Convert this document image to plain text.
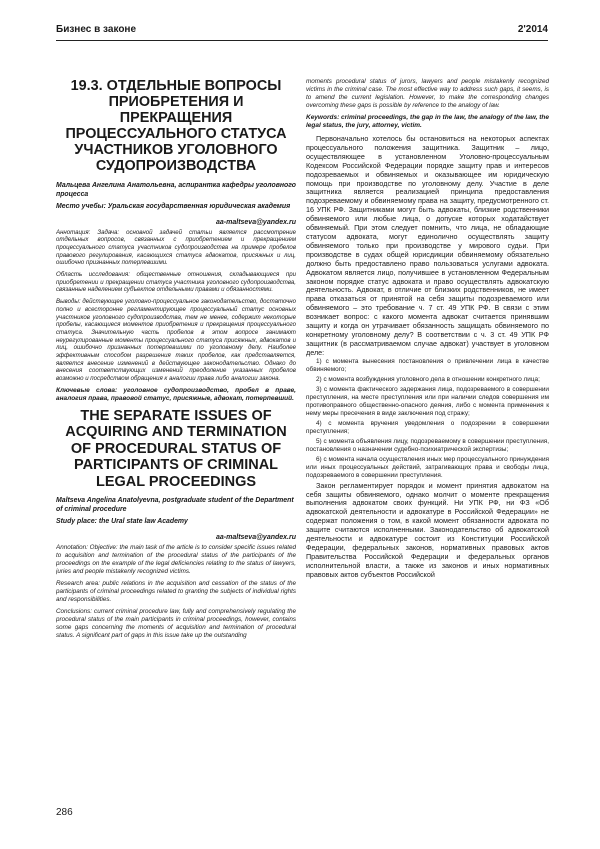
Бизнес в законе	2'2014
19.3. ОТДЕЛЬНЫЕ ВОПРОСЫ ПРИОБРЕТЕНИЯ И ПРЕКРАЩЕНИЯ ПРОЦЕССУАЛЬНОГО СТАТУСА УЧАСТНИКОВ УГОЛОВНОГО СУДОПРОИЗВОДСТВА

Мальцева Ангелина Анатольевна, аспирантка кафедры уголовного процесса

Место учебы: Уральская государственная юридическая академия

aa-maltseva@yandex.ru

Аннотация: Задача: основной задачей статьи является рассмотрение отдельных вопросов, связанных с приобретением и прекращением процессуального статуса участников судопроизводства на примере пробелов правового регулирования, касающихся статуса адвокатов, присяжных и лиц, ошибочно признанных потерпевшими.

Область исследования: общественные отношения, складывающиеся при приобретении и прекращении статуса участника уголовного судопроизводства, связанные наделением субъектов отдельными правами и обязанностями.

Выводы: действующее уголовно-процессуальное законодательство, достаточно полно и всесторонне регламентирующее процессуальный статус основных участников уголовного судопроизводства, тем не менее, содержит некоторые пробелы, касающиеся моментов приобретения и прекращения процессуального статуса. Значительную часть пробелов в этом вопросе занимают неурегулированные моменты процессуального статуса присяжных, адвокатов и лиц, ошибочно признанных потерпевшими по уголовному делу. Наиболее эффективным способом разрешения таких пробелов, как представляется, является внесение изменений в действующее законодательство. Однако до внесения соответствующих изменений преодоление указанных пробелов возможно и посредством обращения к аналогии права либо аналогии закона.

Ключевые слова: уголовное судопроизводство, пробел в праве, аналогия права, правовой статус, присяжные, адвокат, потерпевший.

THE SEPARATE ISSUES OF ACQUIRING AND TERMINATION OF PROCEDURAL STATUS OF PARTICIPANTS OF CRIMINAL LEGAL PROCEEDINGS

Maltseva Angelina Anatolyevna, postgraduate student of the Department of criminal procedure

Study place: the Ural state law Academy

aa-maltseva@yandex.ru

Annotation: Objective: the main task of the article is to consider specific issues related to acquisition and termination of the procedural status of the participants of the proceedings on the example of the legal deficiencies relating to the status of lawyers, juries and people mistakenly recognized victims.

Research area: public relations in the acquisition and cessation of the status of the participants of criminal proceedings related to granting the subjects of individual rights and responsibilities.

Conclusions: current criminal procedure law, fully and comprehensively regulating the procedural status of the main participants in criminal proceedings, however, contains some gaps concerning the moments of acquisition and termination of procedural status. A significant part of gaps in this issue take up the outstanding

moments procedural status of jurors, lawyers and people mistakenly recognized victims in the criminal case. The most effective way to address such gaps, it seems, is to amend the current legislation. However, to make the corresponding changes overcoming these gaps is possible by reference to the analogy of law.

Keywords: criminal proceedings, the gap in the law, the analogy of the law, the legal status, the jury, attorney, victim.

Первоначально хотелось бы остановиться на некоторых аспектах процессуального положения защитника. Защитник – лицо, осуществляющее в установленном Уголовно-процессуальным Кодексом Российской Федерации порядке защиту прав и интересов подозреваемых и обвиняемых и оказывающее им юридическую помощь при производстве по уголовному делу. Участие в деле защитника является реализацией принципа предоставления подозреваемому и обвиняемому права на защиту, предусмотренного ст. 16 УПК РФ. Защитниками могут быть адвокаты, близкие родственники обвиняемого или любые лица, о допуске которых ходатайствует обвиняемый. При этом следует помнить, что лица, не обладающие статусом адвоката, могут единолично осуществлять защиту обвиняемого только при производстве у мирового судьи. При производстве в судах общей юрисдикции обвиняемому обязательно должно быть предоставлено право пользоваться услугами адвоката. Адвокатом является лицо, получившее в установленном Федеральным законом порядке статус адвоката и право осуществлять адвокатскую деятельность. Адвокат, в отличие от близких родственников, не имеет права отказаться от принятой на себя защиты подозреваемого или обвиняемого – это требование ч. 7 ст. 49 УПК РФ. В связи с этим возникает вопрос: с какого момента адвокат считается принявшим защиту и когда он утрачивает обязанность защищать обвиняемого по конкретному уголовному делу? В соответствии с ч. 3 ст. 49 УПК РФ защитник (в рассматриваемом случае адвокат) участвует в уголовном деле:

1) с момента вынесения постановления о привлечении лица в качестве обвиняемого;

2) с момента возбуждения уголовного дела в отношении конкретного лица;

3) с момента фактического задержания лица, подозреваемого в совершении преступления, на месте преступления или при наличии следов совершения им противоправного общественно-опасного деяния, либо с момента применения к нему меры пресечения в виде заключения под стражу;

4) с момента вручения уведомления о подозрении в совершении преступления;

5) с момента объявления лицу, подозреваемому в совершении преступления, постановления о назначении судебно-психиатрической экспертизы;

6) с момента начала осуществления иных мер процессуального принуждения или иных процессуальных действий, затрагивающих права и свободы лица, подозреваемого в совершении преступления.

Закон регламентирует порядок и момент принятия адвокатом на себя защиты обвиняемого, однако молчит о моменте прекращения выполнения адвокатом своих функций. Ни УПК РФ, ни ФЗ «Об адвокатской деятельности и адвокатуре в Российской Федерации» не содержат положения о том, в какой момент обязанности адвоката по защите считаются исполненными. Законодательство об адвокатской деятельности и адвокатуре состоит из Конституции Российской Федерации, федеральных законов, нормативных правовых актов Правительства Российской Федерации и федеральных органов исполнительной власти, а также из законов и иных нормативных правовых актов субъектов Российской

286
